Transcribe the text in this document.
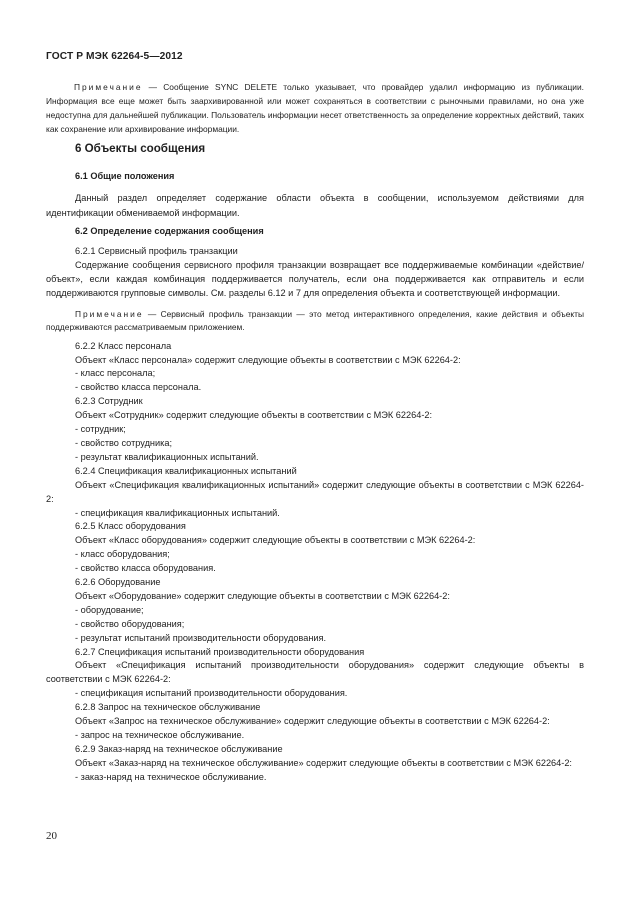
ГОСТ Р МЭК 62264-5—2012
Примечание — Сообщение SYNC DELETE только указывает, что провайдер удалил информацию из публикации. Информация все еще может быть заархивированной или может сохраняться в соответствии с рыночными правилами, но она уже недоступна для дальнейшей публикации. Пользователь информации несет ответственность за определение корректных действий, таких как сохранение или архивирование информации.
6 Объекты сообщения
6.1 Общие положения
Данный раздел определяет содержание области объекта в сообщении, используемом действиями для идентификации обмениваемой информации.
6.2 Определение содержания сообщения
6.2.1 Сервисный профиль транзакции
Содержание сообщения сервисного профиля транзакции возвращает все поддерживаемые комбинации «действие/объект», если каждая комбинация поддерживается получатель, если она поддерживается как отправитель и если поддерживаются групповые символы. См. разделы 6.12 и 7 для определения объекта и соответствующей информации.
Примечание — Сервисный профиль транзакции — это метод интерактивного определения, какие действия и объекты поддерживаются рассматриваемым приложением.
6.2.2 Класс персонала
Объект «Класс персонала» содержит следующие объекты в соответствии с МЭК 62264-2:
- класс персонала;
- свойство класса персонала.
6.2.3 Сотрудник
Объект «Сотрудник» содержит следующие объекты в соответствии с МЭК 62264-2:
- сотрудник;
- свойство сотрудника;
- результат квалификационных испытаний.
6.2.4 Спецификация квалификационных испытаний
Объект «Спецификация квалификационных испытаний» содержит следующие объекты в соответствии с МЭК 62264-2:
- спецификация квалификационных испытаний.
6.2.5 Класс оборудования
Объект «Класс оборудования» содержит следующие объекты в соответствии с МЭК 62264-2:
- класс оборудования;
- свойство класса оборудования.
6.2.6 Оборудование
Объект «Оборудование» содержит следующие объекты в соответствии с МЭК 62264-2:
- оборудование;
- свойство оборудования;
- результат испытаний производительности оборудования.
6.2.7 Спецификация испытаний производительности оборудования
Объект «Спецификация испытаний производительности оборудования» содержит следующие объекты в соответствии с МЭК 62264-2:
- спецификация испытаний производительности оборудования.
6.2.8 Запрос на техническое обслуживание
Объект «Запрос на техническое обслуживание» содержит следующие объекты в соответствии с МЭК 62264-2:
- запрос на техническое обслуживание.
6.2.9 Заказ-наряд на техническое обслуживание
Объект «Заказ-наряд на техническое обслуживание» содержит следующие объекты в соответствии с МЭК 62264-2:
- заказ-наряд на техническое обслуживание.
20
